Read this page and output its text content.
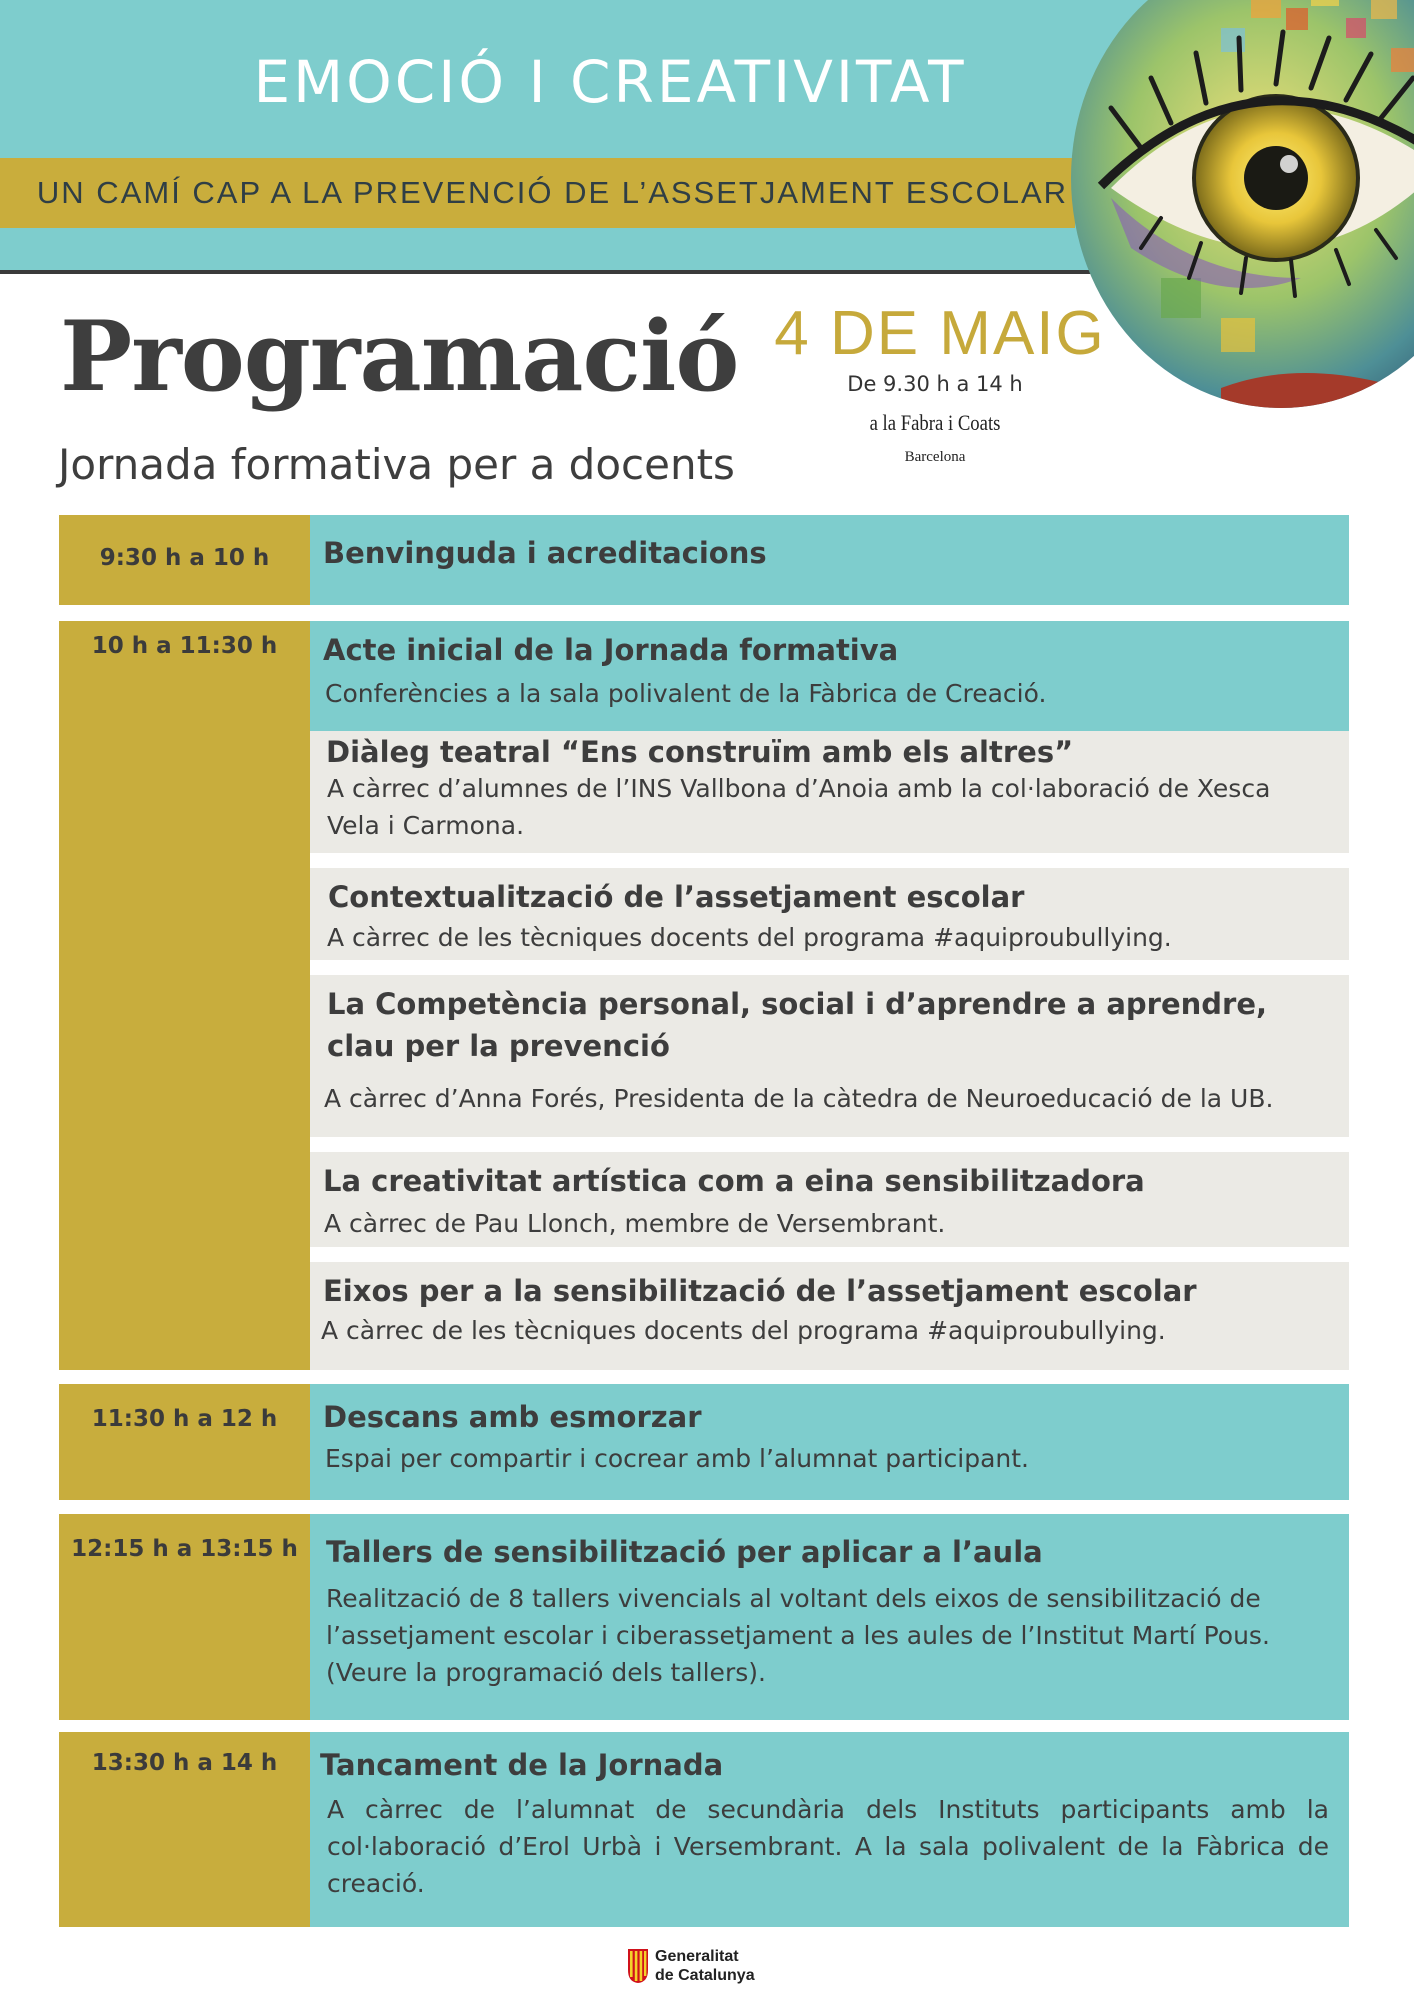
EMOCIÓ I CREATIVITAT
UN CAMÍ CAP A LA PREVENCIÓ DE L’ASSETJAMENT ESCOLAR
Programació
Jornada formativa per a docents
4 DE MAIG
De 9.30 h a 14 h
a la Fabra i Coats
Barcelona
9:30 h a 10 h	Benvinguda i acreditacions
10 h a 11:30 h	Acte inicial de la Jornada formativa
Conferències a la sala polivalent de la Fàbrica de Creació.
Diàleg teatral “Ens construïm amb els altres”
A càrrec d’alumnes de l’INS Vallbona d’Anoia amb la col·laboració de Xesca Vela i Carmona.
Contextualització de l’assetjament escolar
A càrrec de les tècniques docents del programa #aquiproubullying.
La Competència personal, social i d’aprendre a aprendre, clau per la prevenció
A càrrec d’Anna Forés, Presidenta de la càtedra de Neuroeducació de la UB.
La creativitat artística com a eina sensibilitzadora
A càrrec de Pau Llonch, membre de Versembrant.
Eixos per a la sensibilització de l’assetjament escolar
A càrrec de les tècniques docents del programa #aquiproubullying.
11:30 h a 12 h	Descans amb esmorzar
Espai per compartir i cocrear amb l’alumnat participant.
12:15 h a 13:15 h Tallers de sensibilització per aplicar a l’aula
Realització de 8 tallers vivencials al voltant dels eixos de sensibilització de l’assetjament escolar i ciberassetjament a les aules de l’Institut Martí Pous. (Veure la programació dels tallers).
13:30 h a 14 h	Tancament de la Jornada
A càrrec de l’alumnat de secundària dels Instituts participants amb la col·laboració d’Erol Urbà i Versembrant. A la sala polivalent de la Fàbrica de creació.
Generalitat
de Catalunya
